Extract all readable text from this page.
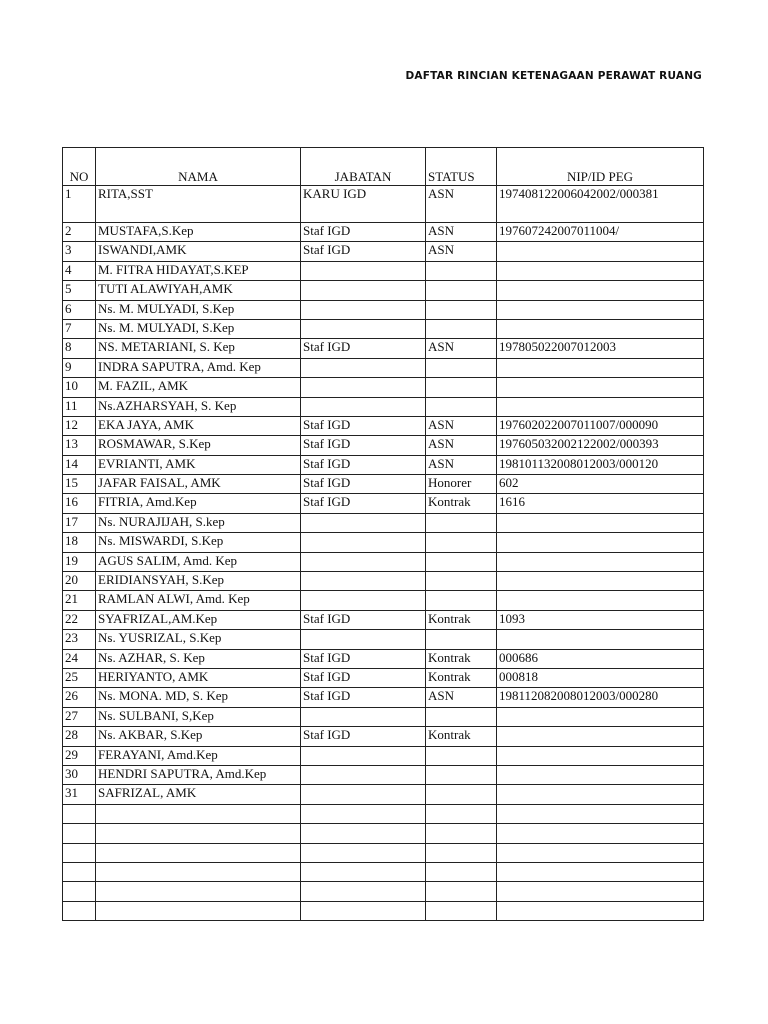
DAFTAR RINCIAN KETENAGAAN PERAWAT RUANG
NO	NAMA	JABATAN	STATUS	NIP/ID PEG
1	RITA,SST	KARU IGD	ASN	197408122006042002/000381
2	MUSTAFA,S.Kep	Staf IGD	ASN	197607242007011004/
3	ISWANDI,AMK	Staf IGD	ASN	
4	M. FITRA HIDAYAT,S.KEP			
5	TUTI ALAWIYAH,AMK			
6	Ns. M. MULYADI, S.Kep			
7	Ns. M. MULYADI, S.Kep			
8	NS. METARIANI, S. Kep	Staf IGD	ASN	197805022007012003
9	INDRA SAPUTRA, Amd. Kep			
10	M. FAZIL, AMK			
11	Ns.AZHARSYAH, S. Kep			
12	EKA JAYA, AMK	Staf IGD	ASN	197602022007011007/000090
13	ROSMAWAR, S.Kep	Staf IGD	ASN	197605032002122002/000393
14	EVRIANTI, AMK	Staf IGD	ASN	198101132008012003/000120
15	JAFAR FAISAL, AMK	Staf IGD	Honorer	602
16	FITRIA, Amd.Kep	Staf IGD	Kontrak	1616
17	Ns. NURAJIJAH, S.kep			
18	Ns. MISWARDI, S.Kep			
19	AGUS SALIM, Amd. Kep			
20	ERIDIANSYAH, S.Kep			
21	RAMLAN ALWI, Amd. Kep			
22	SYAFRIZAL,AM.Kep	Staf IGD	Kontrak	1093
23	Ns. YUSRIZAL, S.Kep			
24	Ns. AZHAR, S. Kep	Staf IGD	Kontrak	000686
25	HERIYANTO, AMK	Staf IGD	Kontrak	000818
26	Ns. MONA. MD, S. Kep	Staf IGD	ASN	198112082008012003/000280
27	Ns. SULBANI, S,Kep			
28	Ns. AKBAR, S.Kep	Staf IGD	Kontrak	
29	FERAYANI, Amd.Kep			
30	HENDRI SAPUTRA, Amd.Kep			
31	SAFRIZAL, AMK			
